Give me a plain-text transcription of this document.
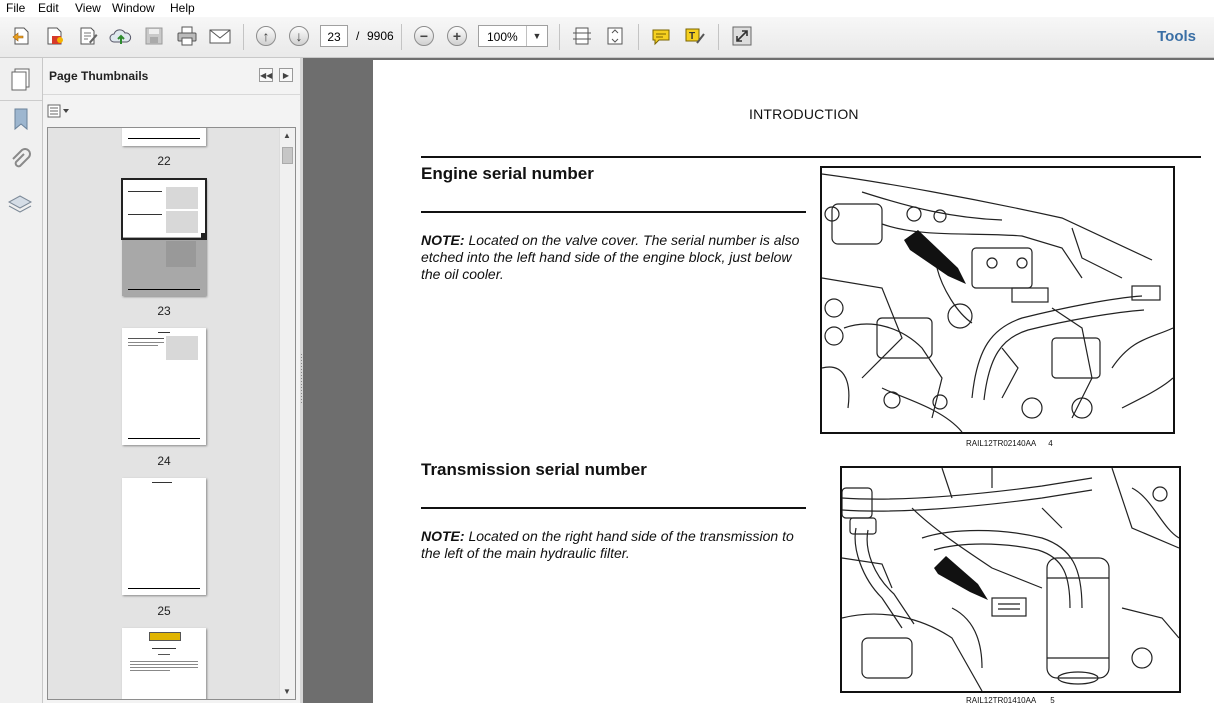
File Edit View Window Help
↑	↓	23	/ 9906	−	+	100%	▼	T	Tools
Page Thumbnails	◀◀	▶
22
23
24
25
▲
▼
INTRODUCTION
Engine serial number
NOTE: Located on the valve cover. The serial number is also etched into the left hand side of the engine block, just below the oil cooler.
RAIL12TR02140AA 4
Transmission serial number
NOTE: Located on the right hand side of the transmission to the left of the main hydraulic filter.
RAIL12TR01410AA 5
